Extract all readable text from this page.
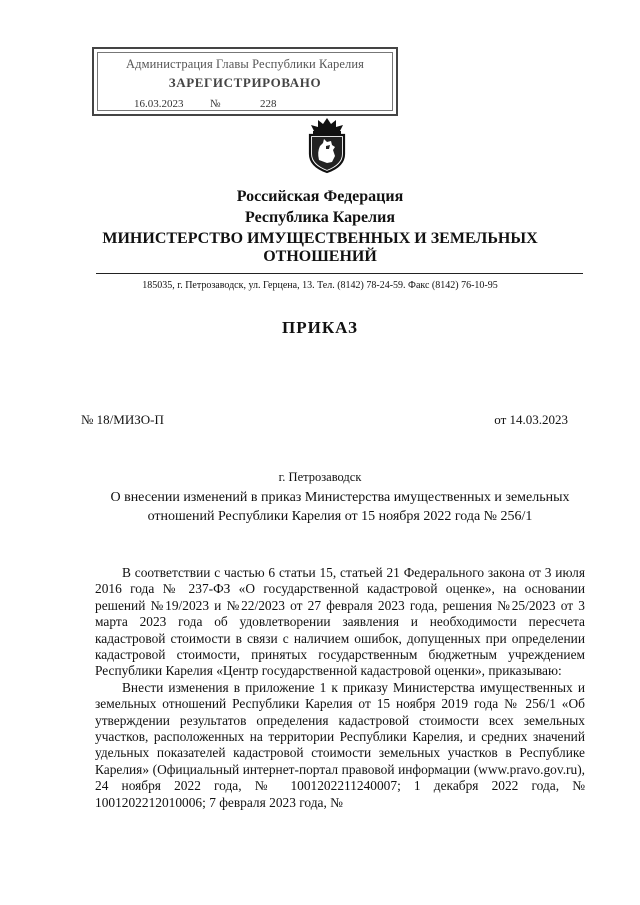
Администрация Главы Республики Карелия
ЗАРЕГИСТРИРОВАНО
16.03.2023 №	228
Российская Федерация
Республика Карелия
МИНИСТЕРСТВО ИМУЩЕСТВЕННЫХ И ЗЕМЕЛЬНЫХ
ОТНОШЕНИЙ
185035, г. Петрозаводск, ул. Герцена, 13. Тел. (8142) 78-24-59. Факс (8142) 76-10-95
ПРИКАЗ
№ 18/МИЗО-П	от 14.03.2023
г. Петрозаводск
О внесении изменений в приказ Министерства имущественных и земельных отношений Республики Карелия от 15 ноября 2022 года № 256/1

В соответствии с частью 6 статьи 15, статьей 21 Федерального закона от 3 июля 2016 года № 237-ФЗ «О государственной кадастровой оценке», на основании решений №19/2023 и №22/2023 от 27 февраля 2023 года, решения №25/2023 от 3 марта 2023 года об удовлетворении заявления и необходимости пересчета кадастровой стоимости в связи с наличием ошибок, допущенных при определении кадастровой стоимости, принятых государственным бюджетным учреждением Республики Карелия «Центр государственной кадастровой оценки», приказываю:

Внести изменения в приложение 1 к приказу Министерства имущественных и земельных отношений Республики Карелия от 15 ноября 2019 года № 256/1 «Об утверждении результатов определения кадастровой стоимости всех земельных участков, расположенных на территории Республики Карелия, и средних значений удельных показателей кадастровой стоимости земельных участков в Республике Карелия» (Официальный интернет-портал правовой информации (www.pravo.gov.ru), 24 ноября 2022 года, № 1001202211240007; 1 декабря 2022 года, № 1001202212010006; 7 февраля 2023 года, №
